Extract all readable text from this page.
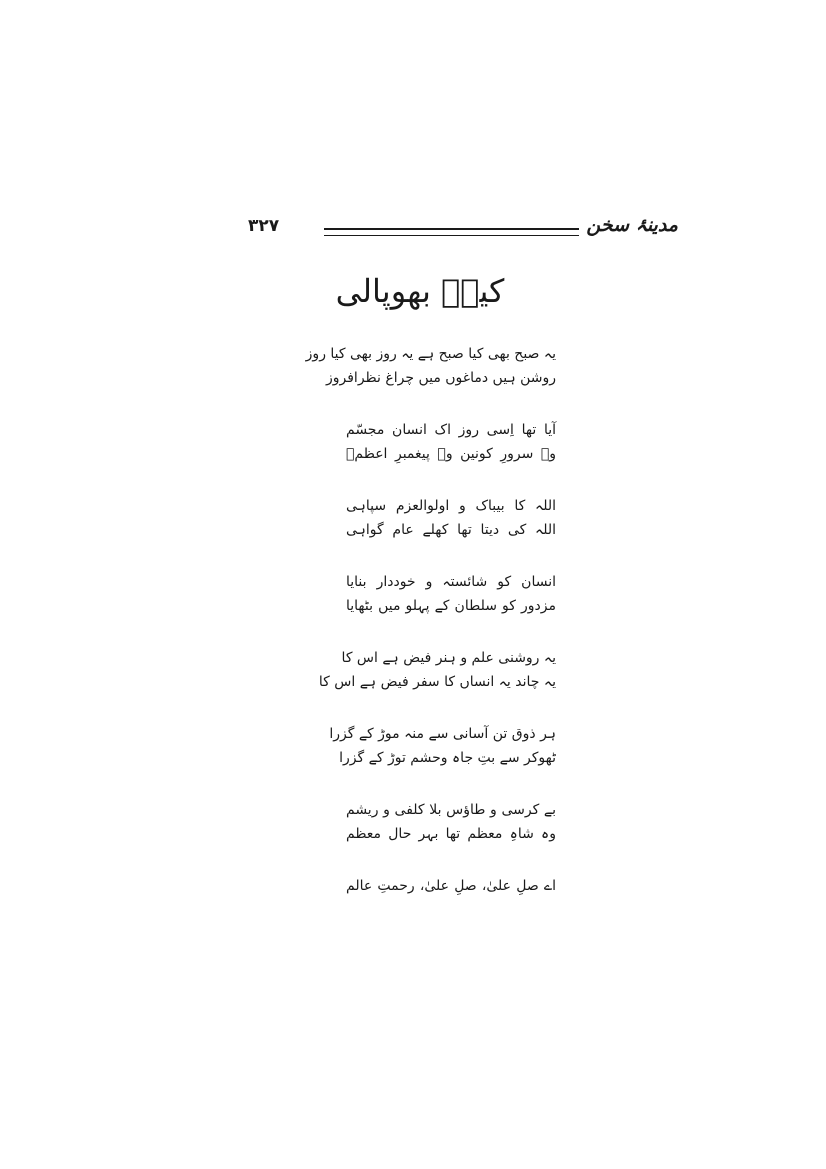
۳۲۷	مدینۂ سخن
کیفؔ بھوپالی
یہ صبح بھی کیا صبح ہے یہ روز بھی کیا روز
روشن ہیں دماغوں میں چراغ نظرافروز
آیا تھا اِسی روز اک انسان مجسّم
وہ سرورِ کونین وہ پیغمبرِ اعظمؐ
اللہ کا بیباک و اولوالعزم سپاہی
اللہ کی دیتا تھا کھلے عام گواہی
انسان کو شائستہ و خوددار بنایا
مزدور کو سلطان کے پہلو میں بٹھایا
یہ روشنی علم و ہنر فیض ہے اس کا
یہ چاند یہ انساں کا سفر فیض ہے اس کا
ہر ذوق تن آسانی سے منہ موڑ کے گزرا
ٹھوکر سے بتِ جاہ وحشم توڑ کے گزرا
بے کرسی و طاؤس بلا کلفی و ریشم
وہ شاہِ معظم تھا بہر حال معظم
اے صلِ علیٰ، صلِ علیٰ، رحمتِ عالم
